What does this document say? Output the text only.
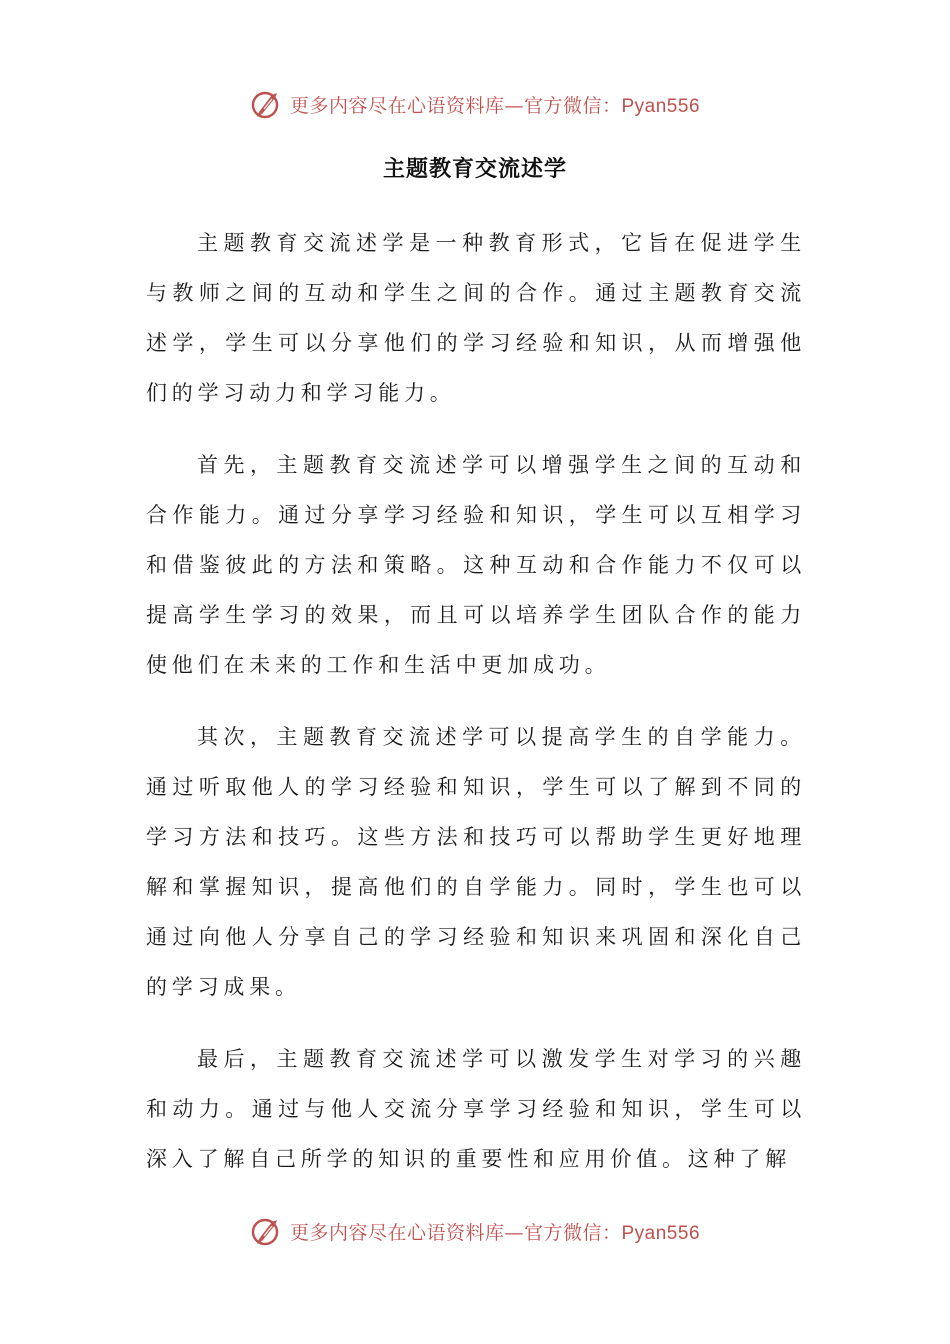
更多内容尽在心语资料库—官方微信：Pyan556
主题教育交流述学

主题教育交流述学是一种教育形式，它旨在促进学生与教师之间的互动和学生之间的合作。通过主题教育交流述学，学生可以分享他们的学习经验和知识，从而增强他们的学习动力和学习能力。

首先，主题教育交流述学可以增强学生之间的互动和合作能力。通过分享学习经验和知识，学生可以互相学习和借鉴彼此的方法和策略。这种互动和合作能力不仅可以提高学生学习的效果，而且可以培养学生团队合作的能力使他们在未来的工作和生活中更加成功。

其次，主题教育交流述学可以提高学生的自学能力。通过听取他人的学习经验和知识，学生可以了解到不同的学习方法和技巧。这些方法和技巧可以帮助学生更好地理解和掌握知识，提高他们的自学能力。同时，学生也可以通过向他人分享自己的学习经验和知识来巩固和深化自己的学习成果。

最后，主题教育交流述学可以激发学生对学习的兴趣和动力。通过与他人交流分享学习经验和知识，学生可以深入了解自己所学的知识的重要性和应用价值。这种了解

更多内容尽在心语资料库—官方微信：Pyan556
